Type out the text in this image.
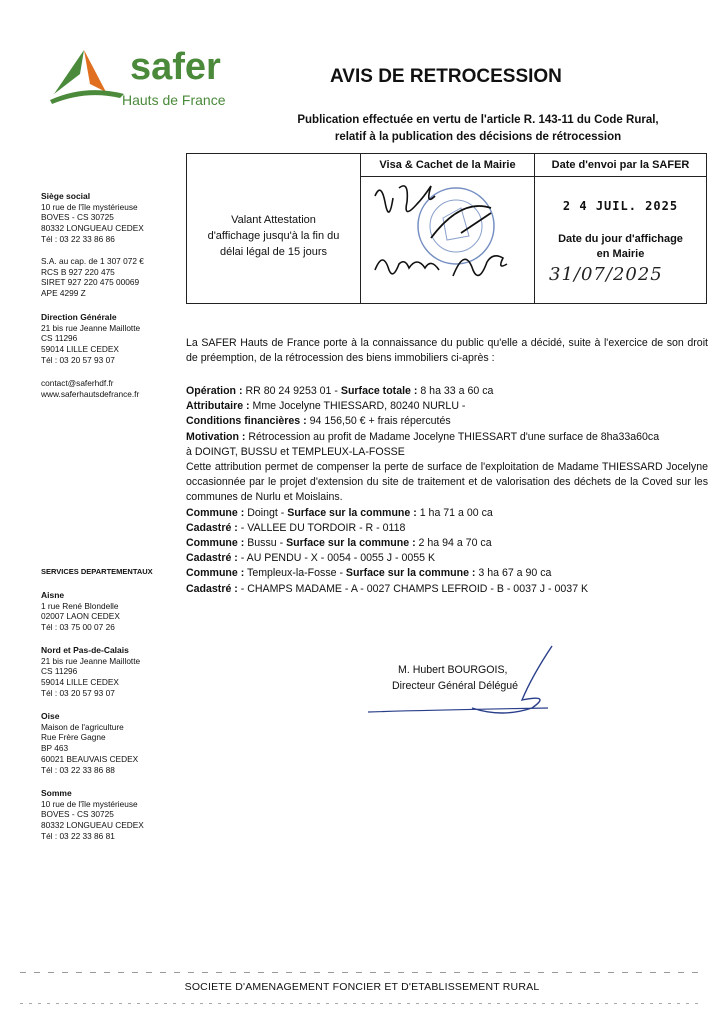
safer
Hauts de France
AVIS DE RETROCESSION
Publication effectuée en vertu de l'article R. 143-11 du Code Rural,
relatif à la publication des décisions de rétrocession
Siège social
10 rue de l'île mystérieuse
BOVES - CS 30725
80332 LONGUEAU CEDEX
Tél : 03 22 33 86 86
S.A. au cap. de 1 307 072 €
RCS B 927 220 475
SIRET 927 220 475 00069
APE 4299 Z
Direction Générale
21 bis rue Jeanne Maillotte
CS 11296
59014 LILLE CEDEX
Tél : 03 20 57 93 07
contact@saferhdf.fr
www.saferhautsdefrance.fr
SERVICES DEPARTEMENTAUX
Aisne
1 rue René Blondelle
02007 LAON CEDEX
Tél : 03 75 00 07 26
Nord et Pas-de-Calais
21 bis rue Jeanne Maillotte
CS 11296
59014 LILLE CEDEX
Tél : 03 20 57 93 07
Oise
Maison de l'agriculture
Rue Frère Gagne
BP 463
60021 BEAUVAIS CEDEX
Tél : 03 22 33 86 88
Somme
10 rue de l'île mystérieuse
BOVES - CS 30725
80332 LONGUEAU CEDEX
Tél : 03 22 33 86 81
Valant Attestation
d'affichage jusqu'à la fin du
délai légal de 15 jours
Visa & Cachet de la Mairie	Date d'envoi par la SAFER
2 4 JUIL. 2025
Date du jour d'affichage
en Mairie
31/07/2025
La SAFER Hauts de France porte à la connaissance du public qu'elle a décidé, suite à l'exercice de son droit de préemption, de la rétrocession des biens immobiliers ci-après :
Opération : RR 80 24 9253 01 - Surface totale : 8 ha 33 a 60 ca
Attributaire : Mme Jocelyne THIESSARD, 80240 NURLU -
Conditions financières : 94 156,50 € + frais répercutés
Motivation : Rétrocession au profit de Madame Jocelyne THIESSART d'une surface de 8ha33a60ca
à DOINGT, BUSSU et TEMPLEUX-LA-FOSSE
Cette attribution permet de compenser la perte de surface de l'exploitation de Madame THIESSARD Jocelyne occasionnée par le projet d'extension du site de traitement et de valorisation des déchets de la Coved sur les communes de Nurlu et Moislains.
Commune : Doingt - Surface sur la commune : 1 ha 71 a 00 ca
Cadastré : - VALLEE DU TORDOIR - R - 0118
Commune : Bussu - Surface sur la commune : 2 ha 94 a 70 ca
Cadastré : - AU PENDU - X - 0054 - 0055 J - 0055 K
Commune : Templeux-la-Fosse - Surface sur la commune : 3 ha 67 a 90 ca
Cadastré : - CHAMPS MADAME - A - 0027 CHAMPS LEFROID - B - 0037 J - 0037 K
M. Hubert BOURGOIS,
Directeur Général Délégué
SOCIETE D'AMENAGEMENT FONCIER ET D'ETABLISSEMENT RURAL
